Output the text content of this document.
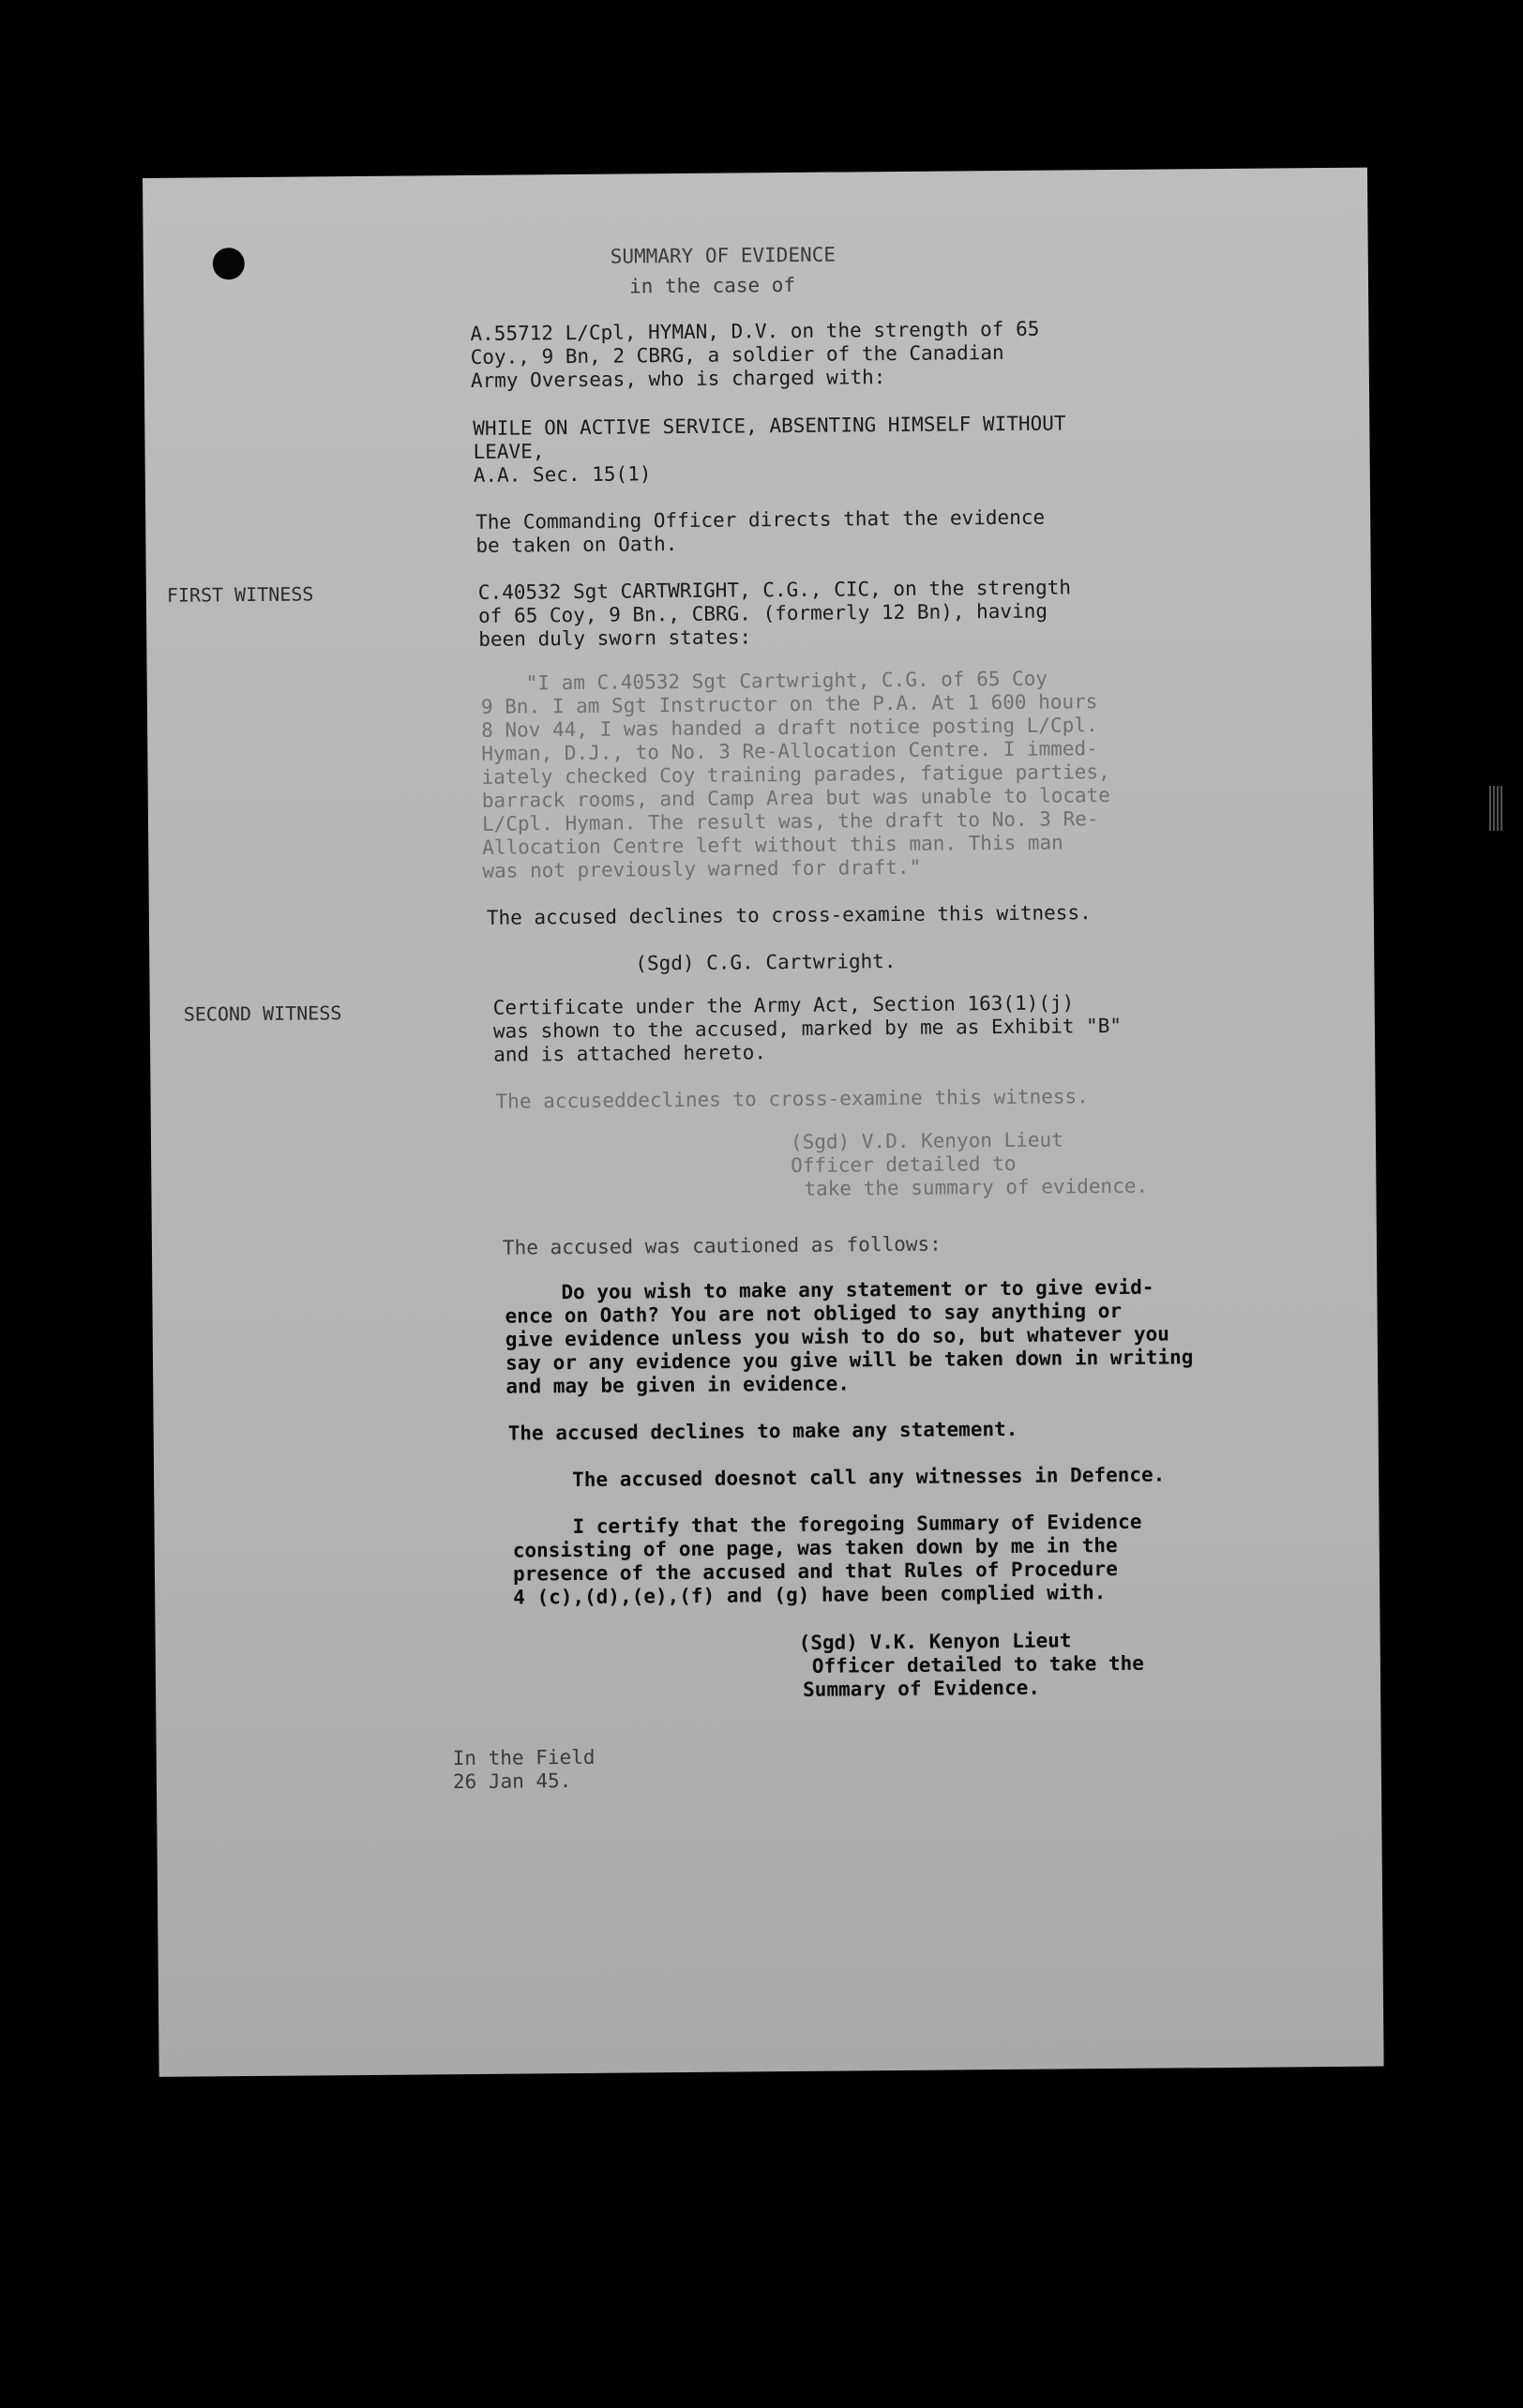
SUMMARY OF EVIDENCE

in the case of

A.55712 L/Cpl, HYMAN, D.V. on the strength of 65

Coy., 9 Bn, 2 CBRG, a soldier of the Canadian

Army Overseas, who is charged with:

WHILE ON ACTIVE SERVICE, ABSENTING HIMSELF WITHOUT

LEAVE,

A.A. Sec. 15(1)

The Commanding Officer directs that the evidence

be taken on Oath.

FIRST WITNESS	C.40532 Sgt CARTWRIGHT, C.G., CIC, on the strength

of 65 Coy, 9 Bn., CBRG. (formerly 12 Bn), having

been duly sworn states:

"I am C.40532 Sgt Cartwright, C.G. of 65 Coy

9 Bn. I am Sgt Instructor on the P.A. At 1 600 hours

8 Nov 44, I was handed a draft notice posting L/Cpl.

Hyman, D.J., to No. 3 Re-Allocation Centre. I immed-

iately checked Coy training parades, fatigue parties,

barrack rooms, and Camp Area but was unable to locate

L/Cpl. Hyman. The result was, the draft to No. 3 Re-

Allocation Centre left without this man. This man

was not previously warned for draft."

The accused declines to cross-examine this witness.

(Sgd) C.G. Cartwright.

SECOND WITNESS	Certificate under the Army Act, Section 163(1)(j)

was shown to the accused, marked by me as Exhibit "B"

and is attached hereto.

The accuseddeclines to cross-examine this witness.

(Sgd) V.D. Kenyon Lieut

Officer detailed to

take the summary of evidence.

The accused was cautioned as follows:

Do you wish to make any statement or to give evid-

ence on Oath? You are not obliged to say anything or

give evidence unless you wish to do so, but whatever you

say or any evidence you give will be taken down in writing

and may be given in evidence.

The accused declines to make any statement.

The accused doesnot call any witnesses in Defence.

I certify that the foregoing Summary of Evidence

consisting of one page, was taken down by me in the

presence of the accused and that Rules of Procedure

4 (c),(d),(e),(f) and (g) have been complied with.

(Sgd) V.K. Kenyon Lieut

Officer detailed to take the

Summary of Evidence.

In the Field

26 Jan 45.
